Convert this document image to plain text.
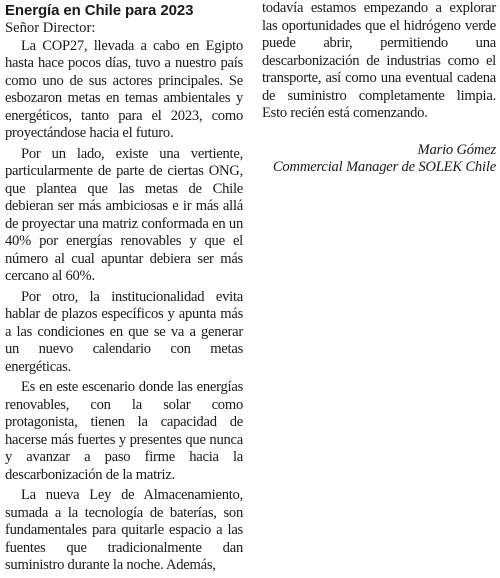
Energía en Chile para 2023
Señor Director:

La COP27, llevada a cabo en Egipto hasta hace pocos días, tuvo a nuestro país como uno de sus actores principales. Se esbozaron metas en temas ambientales y energéticos, tanto para el 2023, como proyectándose hacia el futuro.

Por un lado, existe una vertiente, particularmente de parte de ciertas ONG, que plantea que las metas de Chile debieran ser más ambiciosas e ir más allá de proyectar una matriz conformada en un 40% por energías renovables y que el número al cual apuntar debiera ser más cercano al 60%.

Por otro, la institucionalidad evita hablar de plazos específicos y apunta más a las condiciones en que se va a generar un nuevo calendario con metas energéticas.

Es en este escenario donde las energías renovables, con la solar como protagonista, tienen la capacidad de hacerse más fuertes y presentes que nunca y avanzar a paso firme hacia la descarbonización de la matriz.

La nueva Ley de Almacenamiento, sumada a la tecnología de baterías, son fundamentales para quitarle espacio a las fuentes que tradicionalmente dan suministro durante la noche. Además,

todavía estamos empezando a explorar las oportunidades que el hidrógeno verde puede abrir, permitiendo una descarbonización de industrias como el transporte, así como una eventual cadena de suministro completamente limpia. Esto recién está comenzando.

Mario Gómez
Commercial Manager de SOLEK Chile
